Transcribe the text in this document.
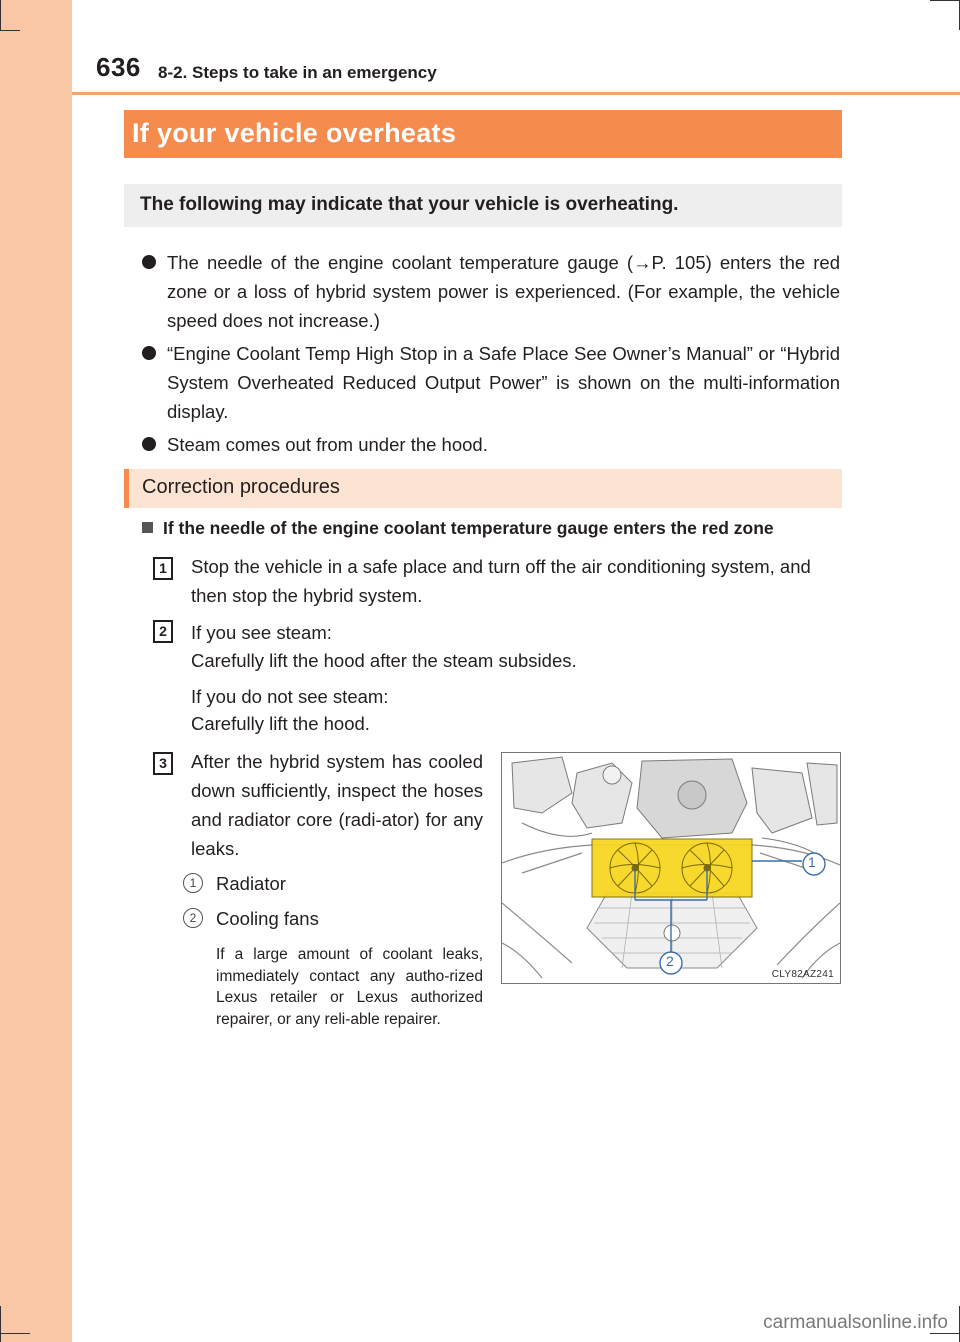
636 8-2. Steps to take in an emergency
If your vehicle overheats
The following may indicate that your vehicle is overheating.
The needle of the engine coolant temperature gauge (→P. 105) enters the red zone or a loss of hybrid system power is experienced. (For example, the vehicle speed does not increase.)
“Engine Coolant Temp High Stop in a Safe Place See Owner’s Manual” or “Hybrid System Overheated Reduced Output Power” is shown on the multi-information display.
Steam comes out from under the hood.
Correction procedures
If the needle of the engine coolant temperature gauge enters the red zone
1	Stop the vehicle in a safe place and turn off the air conditioning system, and then stop the hybrid system.
2	If you see steam:
Carefully lift the hood after the steam subsides.
If you do not see steam:
Carefully lift the hood.
3	After the hybrid system has cooled down sufficiently, inspect the hoses and radiator core (radi-ator) for any leaks.
1	Radiator
2	Cooling fans
If a large amount of coolant leaks, immediately contact any autho-rized Lexus retailer or Lexus authorized repairer, or any reli-able repairer.
1
2
CLY82AZ241
carmanualsonline.info
